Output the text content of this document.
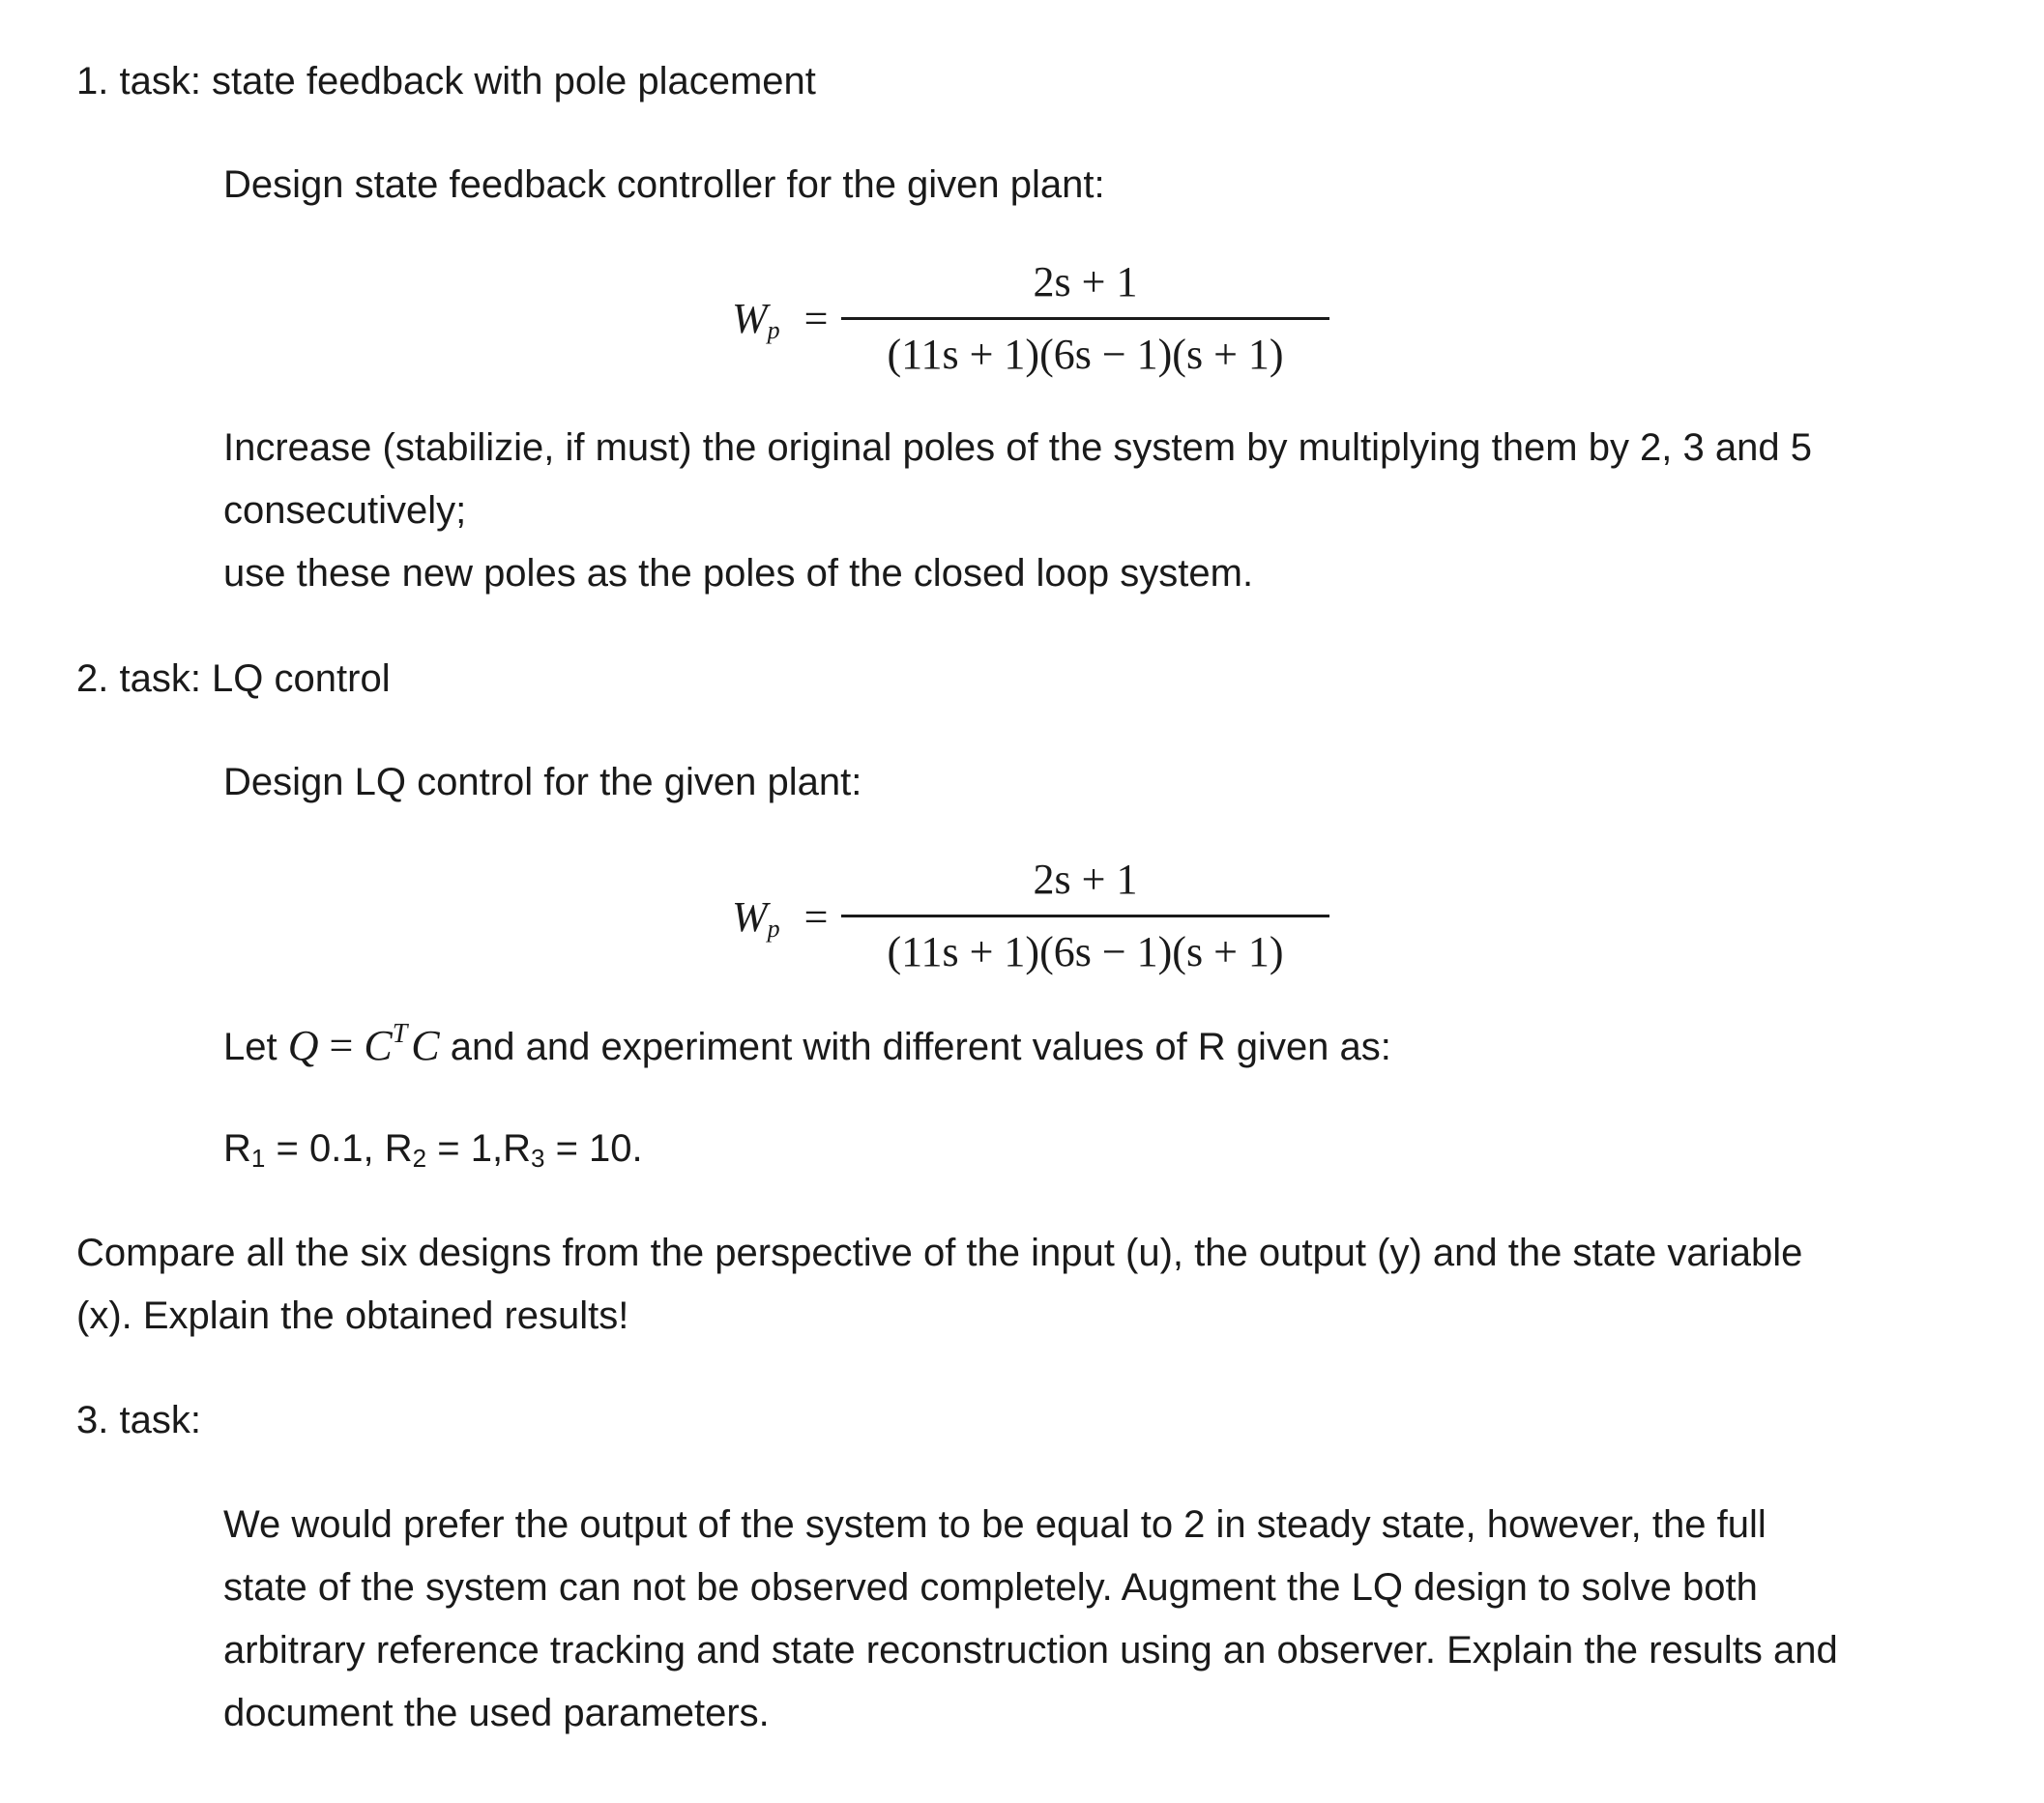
1. task: state feedback with pole placement
Design state feedback controller for the given plant:
$W_p$ =
2s + 1
(11s + 1)(6s − 1)(s + 1)
Increase (stabilizie, if must) the original poles of the system by multiplying them by 2, 3 and 5
consecutively;
use these new poles as the poles of the closed loop system.
2. task: LQ control
Design LQ control for the given plant:
$W_p$ =
2s + 1
(11s + 1)(6s − 1)(s + 1)
Let $Q = C^TC$ and and experiment with different values of R given as:
$R_1 = 0.1$, $R_2 = 1,R_3 = 10$.
Compare all the six designs from the perspective of the input (u), the output (y) and the state variable
(x). Explain the obtained results!
3. task:
We would prefer the output of the system to be equal to 2 in steady state, however, the full
state of the system can not be observed completely. Augment the LQ design to solve both
arbitrary reference tracking and state reconstruction using an observer. Explain the results and
document the used parameters.
